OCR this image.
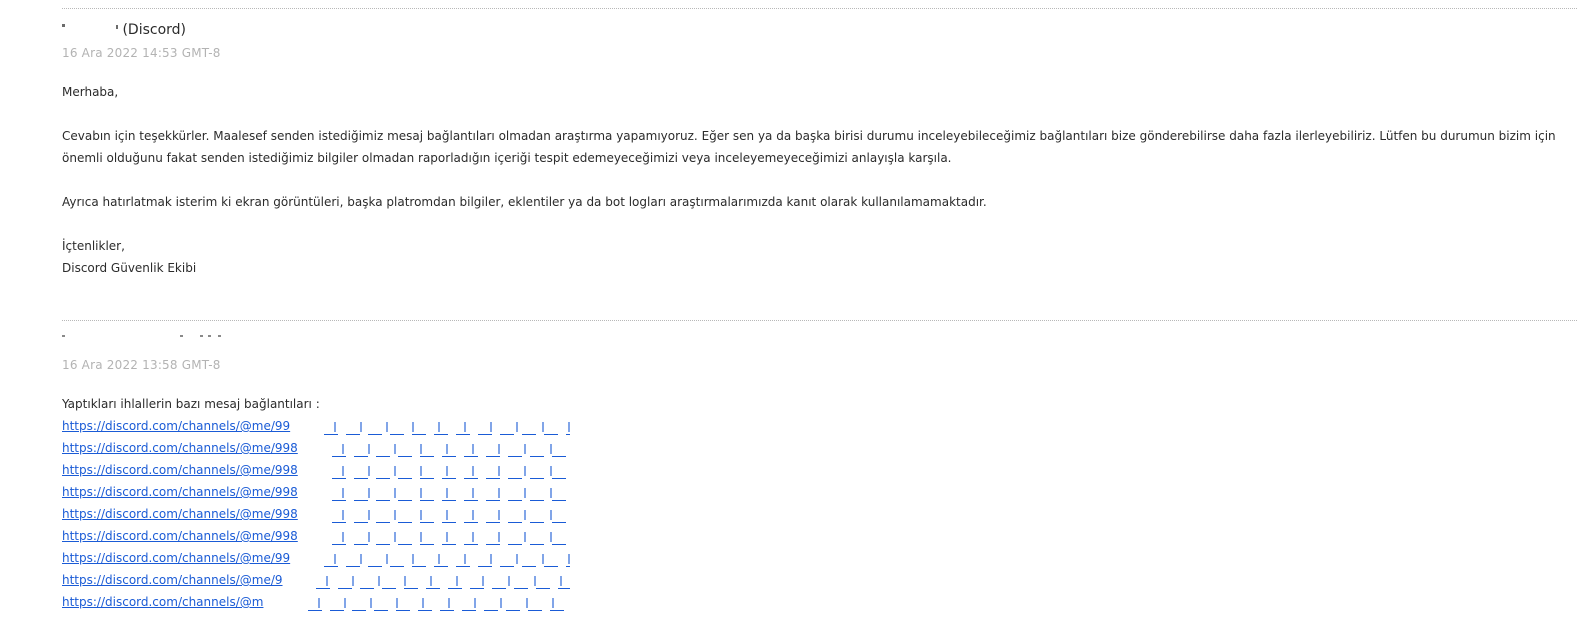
(Discord)
16 Ara 2022 14:53 GMT-8

Merhaba,

Cevabın için teşekkürler. Maalesef senden istediğimiz mesaj bağlantıları olmadan araştırma yapamıyoruz. Eğer sen ya da başka birisi durumu inceleyebileceğimiz bağlantıları bize gönderebilirse daha fazla ilerleyebiliriz. Lütfen bu durumun bizim için önemli olduğunu fakat senden istediğimiz bilgiler olmadan raporladığın içeriği tespit edemeyeceğimizi veya inceleyemeyeceğimizi anlayışla karşıla.

Ayrıca hatırlatmak isterim ki ekran görüntüleri, başka platromdan bilgiler, eklentiler ya da bot logları araştırmalarımızda kanıt olarak kullanılamamaktadır.

İçtenlikler,

Discord Güvenlik Ekibi

16 Ara 2022 13:58 GMT-8

Yaptıkları ihlallerin bazı mesaj bağlantıları :

https://discord.com/channels/@me/99
https://discord.com/channels/@me/998
https://discord.com/channels/@me/998
https://discord.com/channels/@me/998
https://discord.com/channels/@me/998
https://discord.com/channels/@me/998
https://discord.com/channels/@me/99
https://discord.com/channels/@me/9
https://discord.com/channels/@m
